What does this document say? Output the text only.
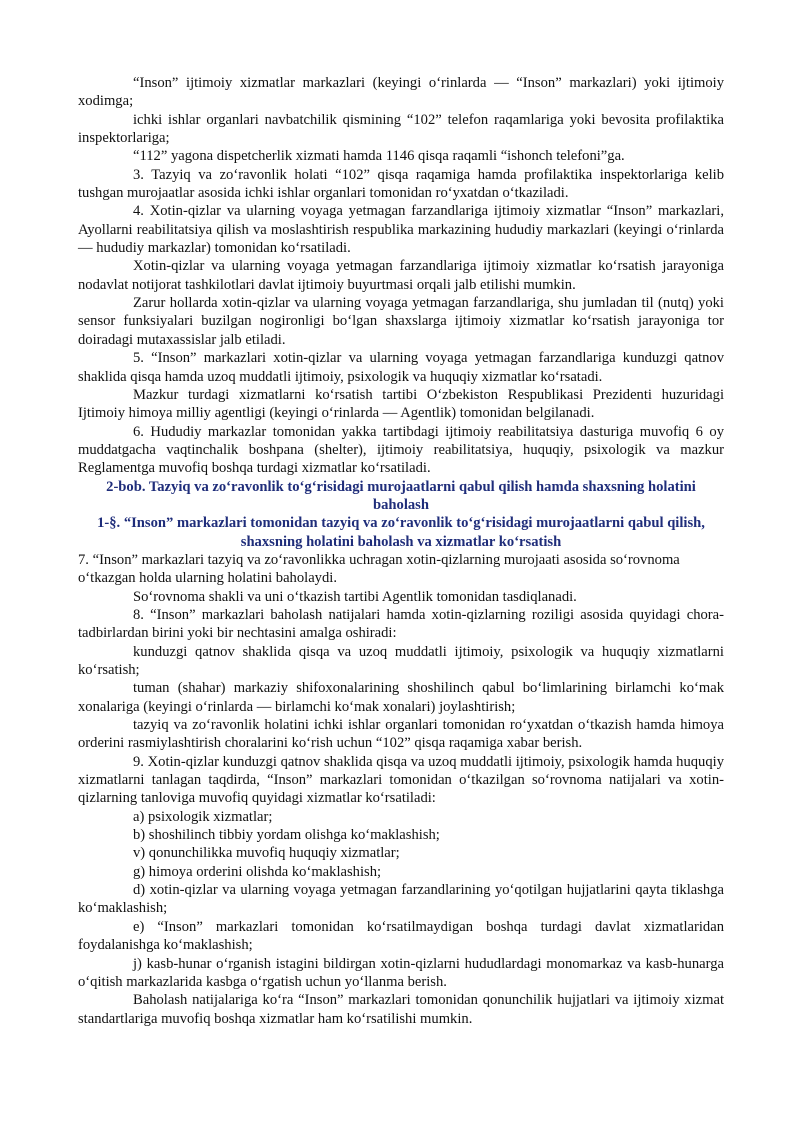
“Inson” ijtimoiy xizmatlar markazlari (keyingi oʻrinlarda — “Inson” markazlari) yoki ijtimoiy xodimga;

ichki ishlar organlari navbatchilik qismining “102” telefon raqamlariga yoki bevosita profilaktika inspektorlariga;

“112” yagona dispetcherlik xizmati hamda 1146 qisqa raqamli “ishonch telefoni”ga.

3. Tazyiq va zoʻravonlik holati “102” qisqa raqamiga hamda profilaktika inspektorlariga kelib tushgan murojaatlar asosida ichki ishlar organlari tomonidan roʻyxatdan oʻtkaziladi.

4. Xotin-qizlar va ularning voyaga yetmagan farzandlariga ijtimoiy xizmatlar “Inson” markazlari, Ayollarni reabilitatsiya qilish va moslashtirish respublika markazining hududiy markazlari (keyingi oʻrinlarda — hududiy markazlar) tomonidan koʻrsatiladi.

Xotin-qizlar va ularning voyaga yetmagan farzandlariga ijtimoiy xizmatlar koʻrsatish jarayoniga nodavlat notijorat tashkilotlari davlat ijtimoiy buyurtmasi orqali jalb etilishi mumkin.

Zarur hollarda xotin-qizlar va ularning voyaga yetmagan farzandlariga, shu jumladan til (nutq) yoki sensor funksiyalari buzilgan nogironligi boʻlgan shaxslarga ijtimoiy xizmatlar koʻrsatish jarayoniga tor doiradagi mutaxassislar jalb etiladi.

5. “Inson” markazlari xotin-qizlar va ularning voyaga yetmagan farzandlariga kunduzgi qatnov shaklida qisqa hamda uzoq muddatli ijtimoiy, psixologik va huquqiy xizmatlar koʻrsatadi.

Mazkur turdagi xizmatlarni koʻrsatish tartibi Oʻzbekiston Respublikasi Prezidenti huzuridagi Ijtimoiy himoya milliy agentligi (keyingi oʻrinlarda — Agentlik) tomonidan belgilanadi.

6. Hududiy markazlar tomonidan yakka tartibdagi ijtimoiy reabilitatsiya dasturiga muvofiq 6 oy muddatgacha vaqtinchalik boshpana (shelter), ijtimoiy reabilitatsiya, huquqiy, psixologik va mazkur Reglamentga muvofiq boshqa turdagi xizmatlar koʻrsatiladi.

2-bob. Tazyiq va zoʻravonlik toʻgʻrisidagi murojaatlarni qabul qilish hamda shaxsning holatini baholash
1-§. “Inson” markazlari tomonidan tazyiq va zoʻravonlik toʻgʻrisidagi murojaatlarni qabul qilish, shaxsning holatini baholash va xizmatlar koʻrsatish

7. “Inson” markazlari tazyiq va zoʻravonlikka uchragan xotin-qizlarning murojaati asosida soʻrovnoma oʻtkazgan holda ularning holatini baholaydi.

Soʻrovnoma shakli va uni oʻtkazish tartibi Agentlik tomonidan tasdiqlanadi.

8. “Inson” markazlari baholash natijalari hamda xotin-qizlarning roziligi asosida quyidagi chora-tadbirlardan birini yoki bir nechtasini amalga oshiradi:

kunduzgi qatnov shaklida qisqa va uzoq muddatli ijtimoiy, psixologik va huquqiy xizmatlarni koʻrsatish;

tuman (shahar) markaziy shifoxonalarining shoshilinch qabul boʻlimlarining birlamchi koʻmak xonalariga (keyingi oʻrinlarda — birlamchi koʻmak xonalari) joylashtirish;

tazyiq va zoʻravonlik holatini ichki ishlar organlari tomonidan roʻyxatdan oʻtkazish hamda himoya orderini rasmiylashtirish choralarini koʻrish uchun “102” qisqa raqamiga xabar berish.

9. Xotin-qizlar kunduzgi qatnov shaklida qisqa va uzoq muddatli ijtimoiy, psixologik hamda huquqiy xizmatlarni tanlagan taqdirda, “Inson” markazlari tomonidan oʻtkazilgan soʻrovnoma natijalari va xotin-qizlarning tanloviga muvofiq quyidagi xizmatlar koʻrsatiladi:

a) psixologik xizmatlar;

b) shoshilinch tibbiy yordam olishga koʻmaklashish;

v) qonunchilikka muvofiq huquqiy xizmatlar;

g) himoya orderini olishda koʻmaklashish;

d) xotin-qizlar va ularning voyaga yetmagan farzandlarining yoʻqotilgan hujjatlarini qayta tiklashga koʻmaklashish;

e) “Inson” markazlari tomonidan koʻrsatilmaydigan boshqa turdagi davlat xizmatlaridan foydalanishga koʻmaklashish;

j) kasb-hunar oʻrganish istagini bildirgan xotin-qizlarni hududlardagi monomarkaz va kasb-hunarga oʻqitish markazlarida kasbga oʻrgatish uchun yoʻllanma berish.

Baholash natijalariga koʻra “Inson” markazlari tomonidan qonunchilik hujjatlari va ijtimoiy xizmat standartlariga muvofiq boshqa xizmatlar ham koʻrsatilishi mumkin.
